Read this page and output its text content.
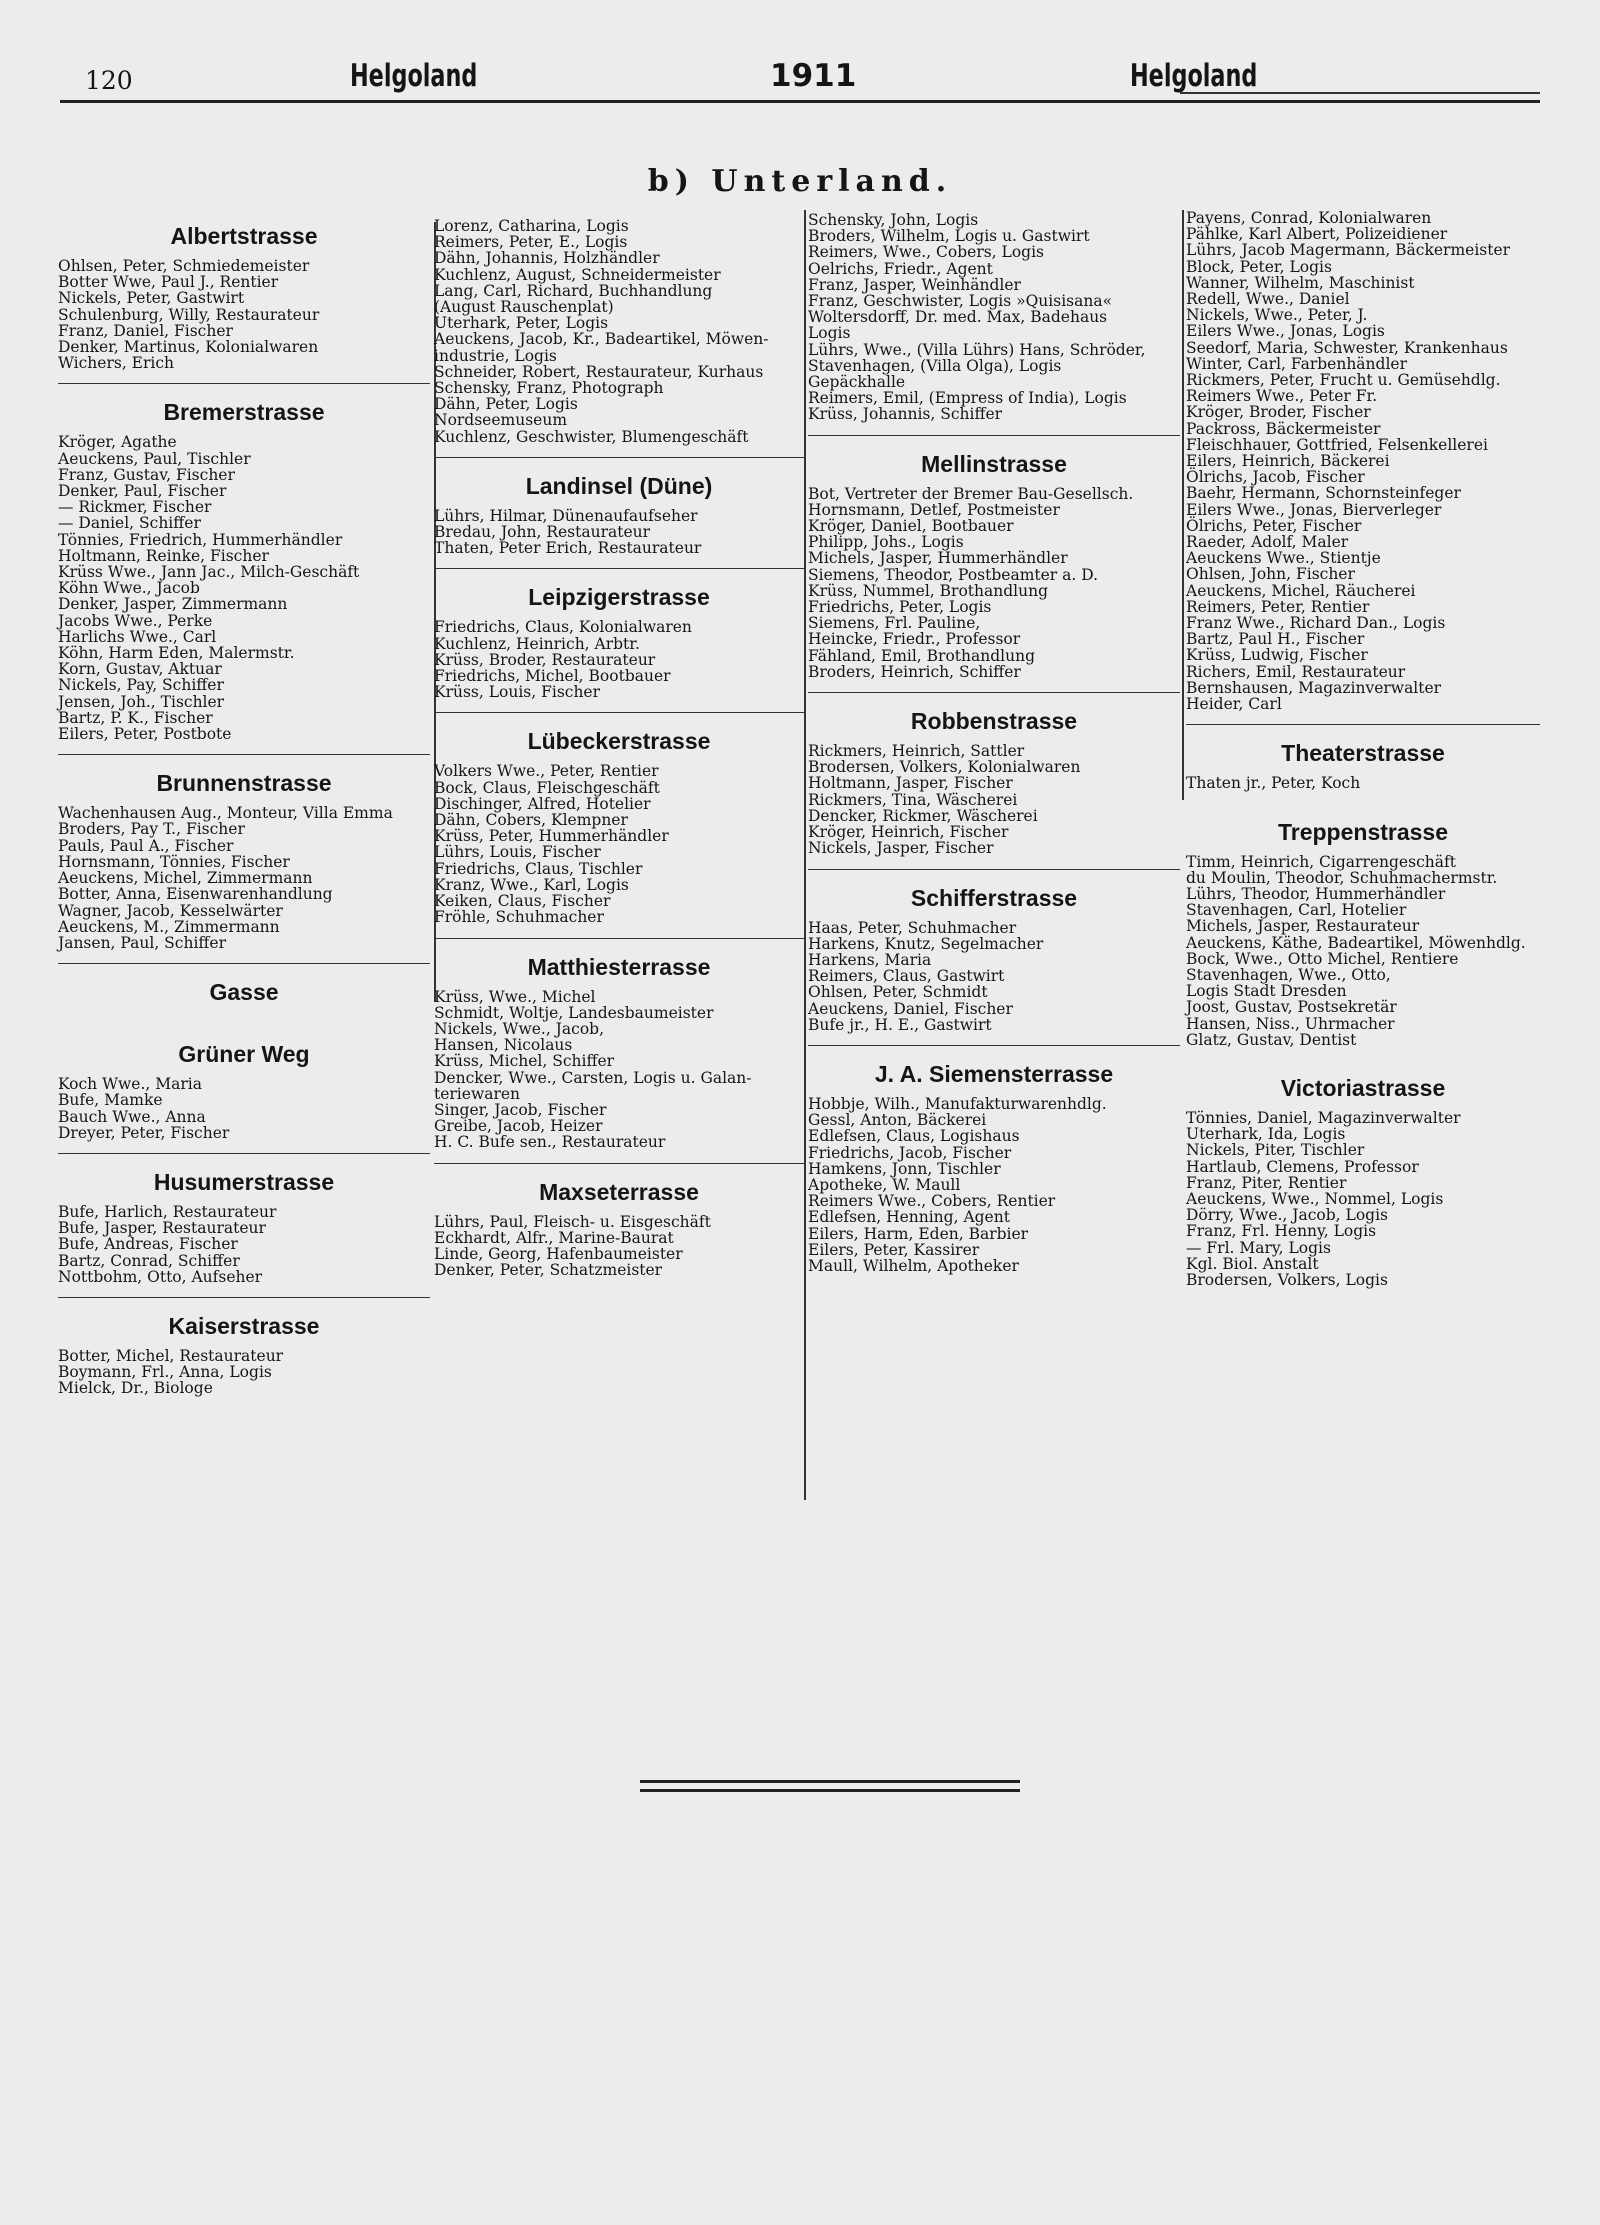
120	Helgoland	1911	Helgoland
b) Unterland.
Albertstrasse
Ohlsen, Peter, Schmiedemeister
Botter Wwe, Paul J., Rentier
Nickels, Peter, Gastwirt
Schulenburg, Willy, Restaurateur
Franz, Daniel, Fischer
Denker, Martinus, Kolonialwaren
Wichers, Erich
Bremerstrasse
Kröger, Agathe
Aeuckens, Paul, Tischler
Franz, Gustav, Fischer
Denker, Paul, Fischer
— Rickmer, Fischer
— Daniel, Schiffer
Tönnies, Friedrich, Hummerhändler
Holtmann, Reinke, Fischer
Krüss Wwe., Jann Jac., Milch-Geschäft
Köhn Wwe., Jacob
Denker, Jasper, Zimmermann
Jacobs Wwe., Perke
Harlichs Wwe., Carl
Köhn, Harm Eden, Malermstr.
Korn, Gustav, Aktuar
Nickels, Pay, Schiffer
Jensen, Joh., Tischler
Bartz, P. K., Fischer
Eilers, Peter, Postbote
Brunnenstrasse
Wachenhausen Aug., Monteur, Villa Emma
Broders, Pay T., Fischer
Pauls, Paul A., Fischer
Hornsmann, Tönnies, Fischer
Aeuckens, Michel, Zimmermann
Botter, Anna, Eisenwarenhandlung
Wagner, Jacob, Kesselwärter
Aeuckens, M., Zimmermann
Jansen, Paul, Schiffer
Gasse
Grüner Weg
Koch Wwe., Maria
Bufe, Mamke
Bauch Wwe., Anna
Dreyer, Peter, Fischer
Husumerstrasse
Bufe, Harlich, Restaurateur
Bufe, Jasper, Restaurateur
Bufe, Andreas, Fischer
Bartz, Conrad, Schiffer
Nottbohm, Otto, Aufseher
Kaiserstrasse
Botter, Michel, Restaurateur
Boymann, Frl., Anna, Logis
Mielck, Dr., Biologe
Lorenz, Catharina, Logis
Reimers, Peter, E., Logis
Dähn, Johannis, Holzhändler
Kuchlenz, August, Schneidermeister
Lang, Carl, Richard, Buchhandlung
(August Rauschenplat)
Uterhark, Peter, Logis
Aeuckens, Jacob, Kr., Badeartikel, Möwen-
industrie, Logis
Schneider, Robert, Restaurateur, Kurhaus
Schensky, Franz, Photograph
Dähn, Peter, Logis
Nordseemuseum
Kuchlenz, Geschwister, Blumengeschäft
Landinsel (Düne)
Lührs, Hilmar, Dünenaufaufseher
Bredau, John, Restaurateur
Thaten, Peter Erich, Restaurateur
Leipzigerstrasse
Friedrichs, Claus, Kolonialwaren
Kuchlenz, Heinrich, Arbtr.
Krüss, Broder, Restaurateur
Friedrichs, Michel, Bootbauer
Krüss, Louis, Fischer
Lübeckerstrasse
Volkers Wwe., Peter, Rentier
Bock, Claus, Fleischgeschäft
Dischinger, Alfred, Hotelier
Dähn, Cobers, Klempner
Krüss, Peter, Hummerhändler
Lührs, Louis, Fischer
Friedrichs, Claus, Tischler
Kranz, Wwe., Karl, Logis
Keiken, Claus, Fischer
Fröhle, Schuhmacher
Matthiesterrasse
Krüss, Wwe., Michel
Schmidt, Woltje, Landesbaumeister
Nickels, Wwe., Jacob,
Hansen, Nicolaus
Krüss, Michel, Schiffer
Dencker, Wwe., Carsten, Logis u. Galan-
teriewaren
Singer, Jacob, Fischer
Greibe, Jacob, Heizer
H. C. Bufe sen., Restaurateur
Maxseterrasse
Lührs, Paul, Fleisch- u. Eisgeschäft
Eckhardt, Alfr., Marine-Baurat
Linde, Georg, Hafenbaumeister
Denker, Peter, Schatzmeister
Schensky, John, Logis
Broders, Wilhelm, Logis u. Gastwirt
Reimers, Wwe., Cobers, Logis
Oelrichs, Friedr., Agent
Franz, Jasper, Weinhändler
Franz, Geschwister, Logis »Quisisana«
Woltersdorff, Dr. med. Max, Badehaus
Logis
Lührs, Wwe., (Villa Lührs) Hans, Schröder,
Stavenhagen, (Villa Olga), Logis
Gepäckhalle
Reimers, Emil, (Empress of India), Logis
Krüss, Johannis, Schiffer
Mellinstrasse
Bot, Vertreter der Bremer Bau-Gesellsch.
Hornsmann, Detlef, Postmeister
Kröger, Daniel, Bootbauer
Philipp, Johs., Logis
Michels, Jasper, Hummerhändler
Siemens, Theodor, Postbeamter a. D.
Krüss, Nummel, Brothandlung
Friedrichs, Peter, Logis
Siemens, Frl. Pauline,
Heincke, Friedr., Professor
Fähland, Emil, Brothandlung
Broders, Heinrich, Schiffer
Robbenstrasse
Rickmers, Heinrich, Sattler
Brodersen, Volkers, Kolonialwaren
Holtmann, Jasper, Fischer
Rickmers, Tina, Wäscherei
Dencker, Rickmer, Wäscherei
Kröger, Heinrich, Fischer
Nickels, Jasper, Fischer
Schifferstrasse
Haas, Peter, Schuhmacher
Harkens, Knutz, Segelmacher
Harkens, Maria
Reimers, Claus, Gastwirt
Ohlsen, Peter, Schmidt
Aeuckens, Daniel, Fischer
Bufe jr., H. E., Gastwirt
J. A. Siemensterrasse
Hobbje, Wilh., Manufakturwarenhdlg.
Gessl, Anton, Bäckerei
Edlefsen, Claus, Logishaus
Friedrichs, Jacob, Fischer
Hamkens, Jonn, Tischler
Apotheke, W. Maull
Reimers Wwe., Cobers, Rentier
Edlefsen, Henning, Agent
Eilers, Harm, Eden, Barbier
Eilers, Peter, Kassirer
Maull, Wilhelm, Apotheker
Payens, Conrad, Kolonialwaren
Pählke, Karl Albert, Polizeidiener
Lührs, Jacob Magermann, Bäckermeister
Block, Peter, Logis
Wanner, Wilhelm, Maschinist
Redell, Wwe., Daniel
Nickels, Wwe., Peter, J.
Eilers Wwe., Jonas, Logis
Seedorf, Maria, Schwester, Krankenhaus
Winter, Carl, Farbenhändler
Rickmers, Peter, Frucht u. Gemüsehdlg.
Reimers Wwe., Peter Fr.
Kröger, Broder, Fischer
Packross, Bäckermeister
Fleischhauer, Gottfried, Felsenkellerei
Eilers, Heinrich, Bäckerei
Ölrichs, Jacob, Fischer
Baehr, Hermann, Schornsteinfeger
Eilers Wwe., Jonas, Bierverleger
Ölrichs, Peter, Fischer
Raeder, Adolf, Maler
Aeuckens Wwe., Stientje
Ohlsen, John, Fischer
Aeuckens, Michel, Räucherei
Reimers, Peter, Rentier
Franz Wwe., Richard Dan., Logis
Bartz, Paul H., Fischer
Krüss, Ludwig, Fischer
Richers, Emil, Restaurateur
Bernshausen, Magazinverwalter
Heider, Carl
Theaterstrasse
Thaten jr., Peter, Koch
Treppenstrasse
Timm, Heinrich, Cigarrengeschäft
du Moulin, Theodor, Schuhmachermstr.
Lührs, Theodor, Hummerhändler
Stavenhagen, Carl, Hotelier
Michels, Jasper, Restaurateur
Aeuckens, Käthe, Badeartikel, Möwenhdlg.
Bock, Wwe., Otto Michel, Rentiere
Stavenhagen, Wwe., Otto,
Logis Stadt Dresden
Joost, Gustav, Postsekretär
Hansen, Niss., Uhrmacher
Glatz, Gustav, Dentist
Victoriastrasse
Tönnies, Daniel, Magazinverwalter
Uterhark, Ida, Logis
Nickels, Piter, Tischler
Hartlaub, Clemens, Professor
Franz, Piter, Rentier
Aeuckens, Wwe., Nommel, Logis
Dörry, Wwe., Jacob, Logis
Franz, Frl. Henny, Logis
— Frl. Mary, Logis
Kgl. Biol. Anstalt
Brodersen, Volkers, Logis
